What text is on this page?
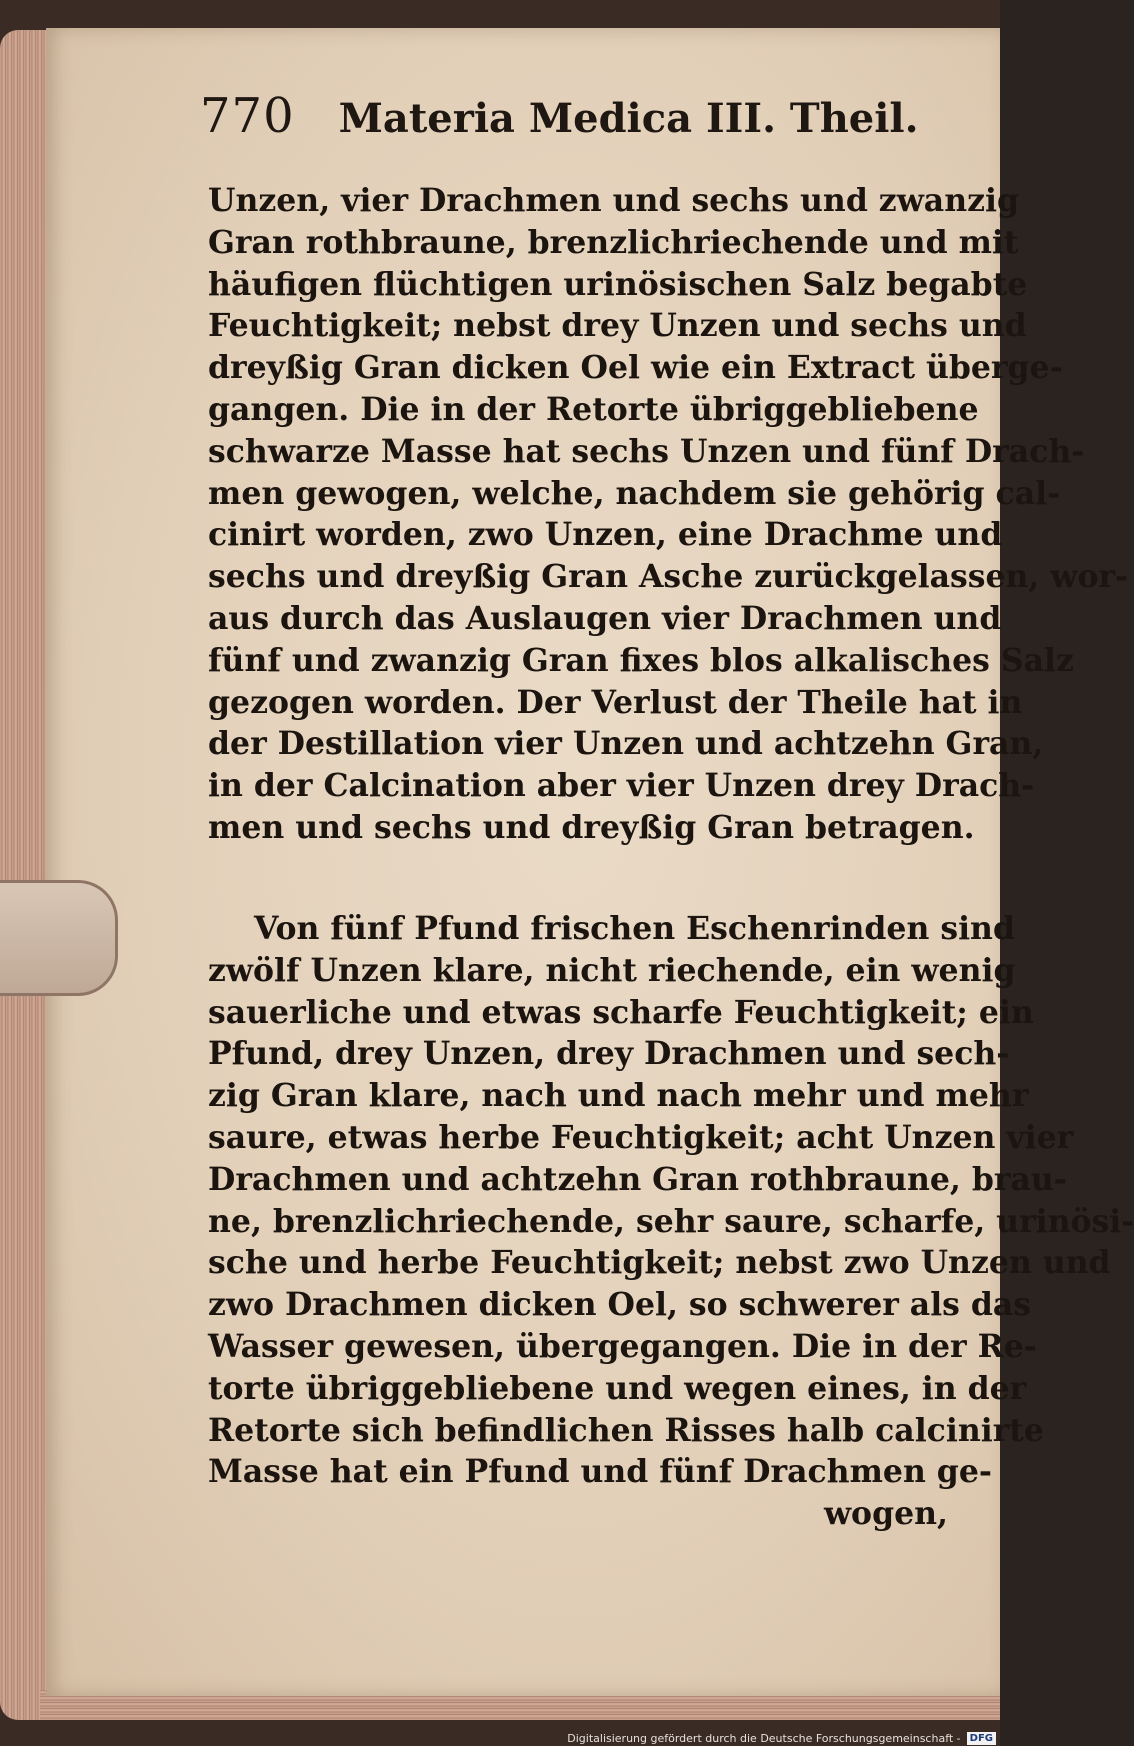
770 Materia Medica III. Theil.
Unzen, vier Drachmen und sechs und zwanzig
Gran rothbraune, brenzlichriechende und mit
häufigen flüchtigen urinösischen Salz begabte
Feuchtigkeit; nebst drey Unzen und sechs und
dreyßig Gran dicken Oel wie ein Extract überge-
gangen. Die in der Retorte übriggebliebene
schwarze Masse hat sechs Unzen und fünf Drach-
men gewogen, welche, nachdem sie gehörig cal-
cinirt worden, zwo Unzen, eine Drachme und
sechs und dreyßig Gran Asche zurückgelassen, wor-
aus durch das Auslaugen vier Drachmen und
fünf und zwanzig Gran fixes blos alkalisches Salz
gezogen worden. Der Verlust der Theile hat in
der Destillation vier Unzen und achtzehn Gran,
in der Calcination aber vier Unzen drey Drach-
men und sechs und dreyßig Gran betragen.
Von fünf Pfund frischen Eschenrinden sind
zwölf Unzen klare, nicht riechende, ein wenig
sauerliche und etwas scharfe Feuchtigkeit; ein
Pfund, drey Unzen, drey Drachmen und sech-
zig Gran klare, nach und nach mehr und mehr
saure, etwas herbe Feuchtigkeit; acht Unzen vier
Drachmen und achtzehn Gran rothbraune, brau-
ne, brenzlichriechende, sehr saure, scharfe, urinösi-
sche und herbe Feuchtigkeit; nebst zwo Unzen und
zwo Drachmen dicken Oel, so schwerer als das
Wasser gewesen, übergegangen. Die in der Re-
torte übriggebliebene und wegen eines, in der
Retorte sich befindlichen Risses halb calcinirte
Masse hat ein Pfund und fünf Drachmen ge-
wogen,
Digitalisierung gefördert durch die Deutsche Forschungsgemeinschaft - DFG
